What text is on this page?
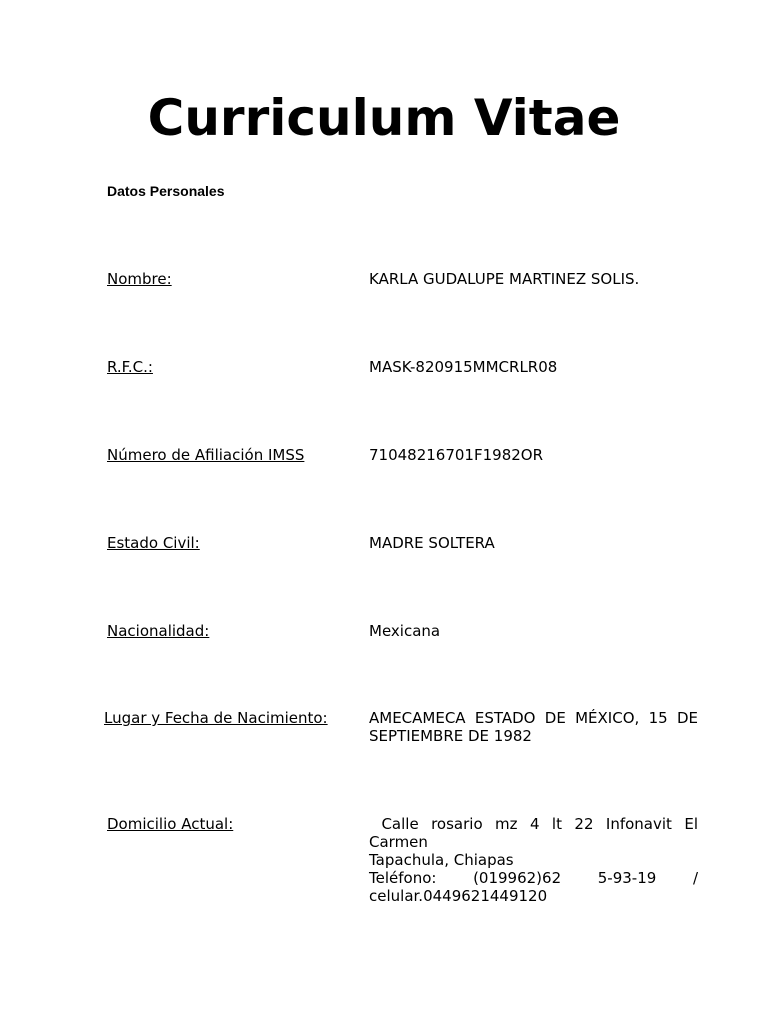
Curriculum Vitae
Datos Personales
Nombre:	KARLA GUDALUPE MARTINEZ SOLIS.
R.F.C.:	MASK-820915MMCRLR08
Número de Afiliación IMSS	71048216701F1982OR
Estado Civil:	MADRE SOLTERA
Nacionalidad:	Mexicana
Lugar y Fecha de Nacimiento:	AMECAMECA ESTADO DE MÉXICO, 15 DE SEPTIEMBRE DE 1982
Domicilio Actual:	Calle rosario mz 4 lt 22 Infonavit El Carmen
Tapachula, Chiapas
Teléfono: (019962)62 5-93-19 / celular.0449621449120
